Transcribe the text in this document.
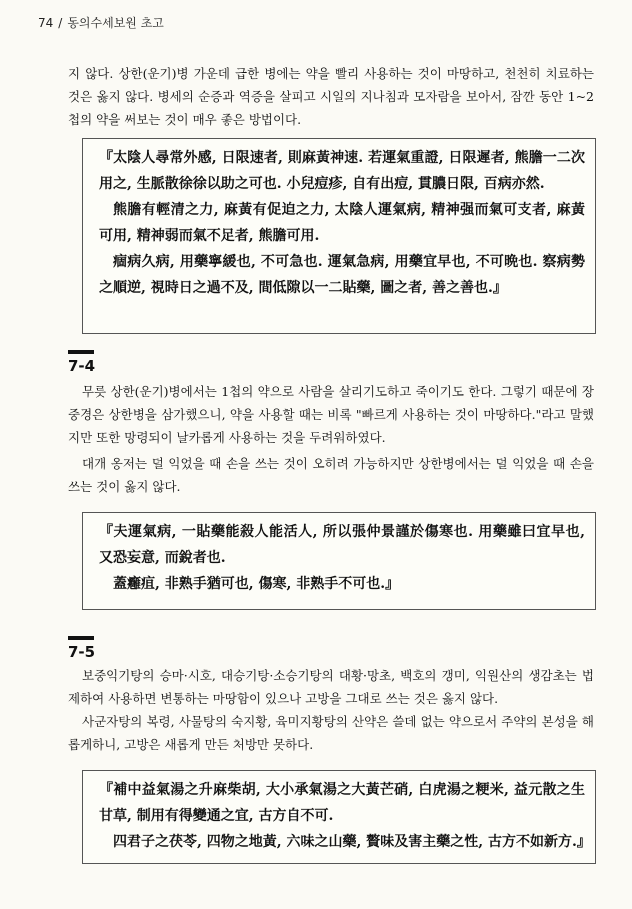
74 / 동의수세보원 초고

지 않다. 상한(운기)병 가운데 급한 병에는 약을 빨리 사용하는 것이 마땅하고, 천천히 치료하는 것은 옳지 않다. 병세의 순증과 역증을 살피고 시일의 지나침과 모자람을 보아서, 잠깐 동안 1~2첩의 약을 써보는 것이 매우 좋은 방법이다.

『太陰人尋常外感, 日限速者, 則麻黃神速. 若運氣重證, 日限遲者, 熊膽一二次用之, 生脈散徐徐以助之可也. 小兒痘疹, 自有出痘, 貫膿日限, 百病亦然.

熊膽有輕清之力, 麻黃有促迫之力, 太陰人運氣病, 精神强而氣可支者, 麻黃可用, 精神弱而氣不足者, 熊膽可用.

痼病久病, 用藥寧緩也, 不可急也. 運氣急病, 用藥宜早也, 不可晩也. 察病勢之順逆, 視時日之過不及, 間低隙以一二貼藥, 圖之者, 善之善也.』

7-4

무릇 상한(운기)병에서는 1첩의 약으로 사람을 살리기도하고 죽이기도 한다. 그렇기 때문에 장중경은 상한병을 삼가했으니, 약을 사용할 때는 비록 "빠르게 사용하는 것이 마땅하다."라고 말했지만 또한 망령되이 날카롭게 사용하는 것을 두려워하였다.

대개 옹저는 덜 익었을 때 손을 쓰는 것이 오히려 가능하지만 상한병에서는 덜 익었을 때 손을 쓰는 것이 옳지 않다.

『夫運氣病, 一貼藥能殺人能活人, 所以張仲景謹於傷寒也. 用藥雖曰宜早也, 又恐妄意, 而銳者也.

蓋癰疽, 非熟手猶可也, 傷寒, 非熟手不可也.』

7-5

보중익기탕의 승마·시호, 대승기탕·소승기탕의 대황·망초, 백호의 갱미, 익원산의 생감초는 법제하여 사용하면 변통하는 마땅함이 있으나 고방을 그대로 쓰는 것은 옳지 않다.

사군자탕의 복령, 사물탕의 숙지황, 육미지황탕의 산약은 쓸데 없는 약으로서 주약의 본성을 해롭게하니, 고방은 새롭게 만든 처방만 못하다.

『補中益氣湯之升麻柴胡, 大小承氣湯之大黃芒硝, 白虎湯之粳米, 益元散之生甘草, 制用有得變通之宜, 古方自不可.

四君子之茯苓, 四物之地黃, 六味之山藥, 贅味及害主藥之性, 古方不如新方.』
